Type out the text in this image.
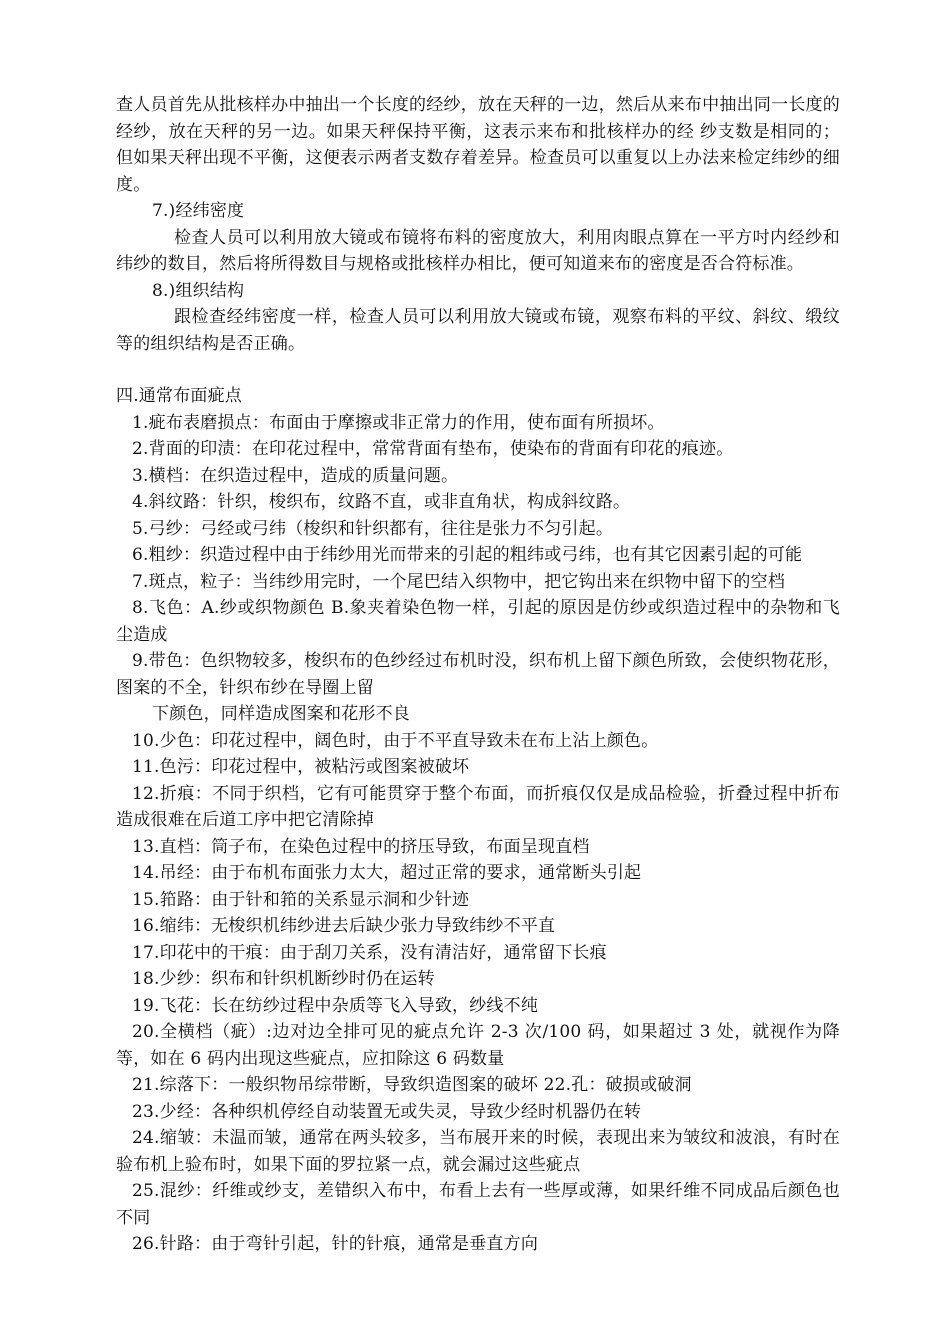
查人员首先从批核样办中抽出一个长度的经纱，放在天秤的一边，然后从来布中抽出同一长度的经纱，放在天秤的另一边。如果天秤保持平衡，这表示来布和批核样办的经 纱支数是相同的；但如果天秤出现不平衡，这便表示两者支数存着差异。检查员可以重复以上办法来检定纬纱的细度。

7.)经纬密度

检查人员可以利用放大镜或布镜将布料的密度放大，利用肉眼点算在一平方吋内经纱和纬纱的数目，然后将所得数目与规格或批核样办相比，便可知道来布的密度是否合符标准。

8.)组织结构

跟检查经纬密度一样，检查人员可以利用放大镜或布镜，观察布料的平纹、斜纹、缎纹等的组织结构是否正确。

四.通常布面疵点

1.疵布表磨损点：布面由于摩擦或非正常力的作用，使布面有所损坏。

2.背面的印渍：在印花过程中，常常背面有垫布，使染布的背面有印花的痕迹。

3.横档：在织造过程中，造成的质量问题。

4.斜纹路：针织，梭织布，纹路不直，或非直角状，构成斜纹路。

5.弓纱：弓经或弓纬（梭织和针织都有，往往是张力不匀引起。

6.粗纱：织造过程中由于纬纱用光而带来的引起的粗纬或弓纬，也有其它因素引起的可能

7.斑点，粒子：当纬纱用完时，一个尾巴结入织物中，把它钩出来在织物中留下的空档

8.飞色：A.纱或织物颜色 B.象夹着染色物一样，引起的原因是仿纱或织造过程中的杂物和飞尘造成

9.带色：色织物较多，梭织布的色纱经过布机时没，织布机上留下颜色所致，会使织物花形，图案的不全，针织布纱在导圈上留

下颜色，同样造成图案和花形不良

10.少色：印花过程中，阔色时，由于不平直导致未在布上沾上颜色。

11.色污：印花过程中，被粘污或图案被破坏

12.折痕：不同于织档，它有可能贯穿于整个布面，而折痕仅仅是成品检验，折叠过程中折布造成很难在后道工序中把它清除掉

13.直档：筒子布，在染色过程中的挤压导致，布面呈现直档

14.吊经：由于布机布面张力太大，超过正常的要求，通常断头引起

15.筘路：由于针和筘的关系显示洞和少针迹

16.缩纬：无梭织机纬纱进去后缺少张力导致纬纱不平直

17.印花中的干痕：由于刮刀关系，没有清洁好，通常留下长痕

18.少纱：织布和针织机断纱时仍在运转

19.飞花：长在纺纱过程中杂质等飞入导致，纱线不纯

20.全横档（疵）:边对边全排可见的疵点允许 2-3 次/100 码，如果超过 3 处，就视作为降等，如在 6 码内出现这些疵点，应扣除这 6 码数量

21.综落下：一般织物吊综带断，导致织造图案的破坏 22.孔：破损或破洞

23.少经：各种织机停经自动装置无或失灵，导致少经时机器仍在转

24.缩皱：未温而皱，通常在两头较多，当布展开来的时候，表现出来为皱纹和波浪，有时在验布机上验布时，如果下面的罗拉紧一点，就会漏过这些疵点

25.混纱：纤维或纱支，差错织入布中，布看上去有一些厚或薄，如果纤维不同成品后颜色也不同

26.针路：由于弯针引起，针的针痕，通常是垂直方向
